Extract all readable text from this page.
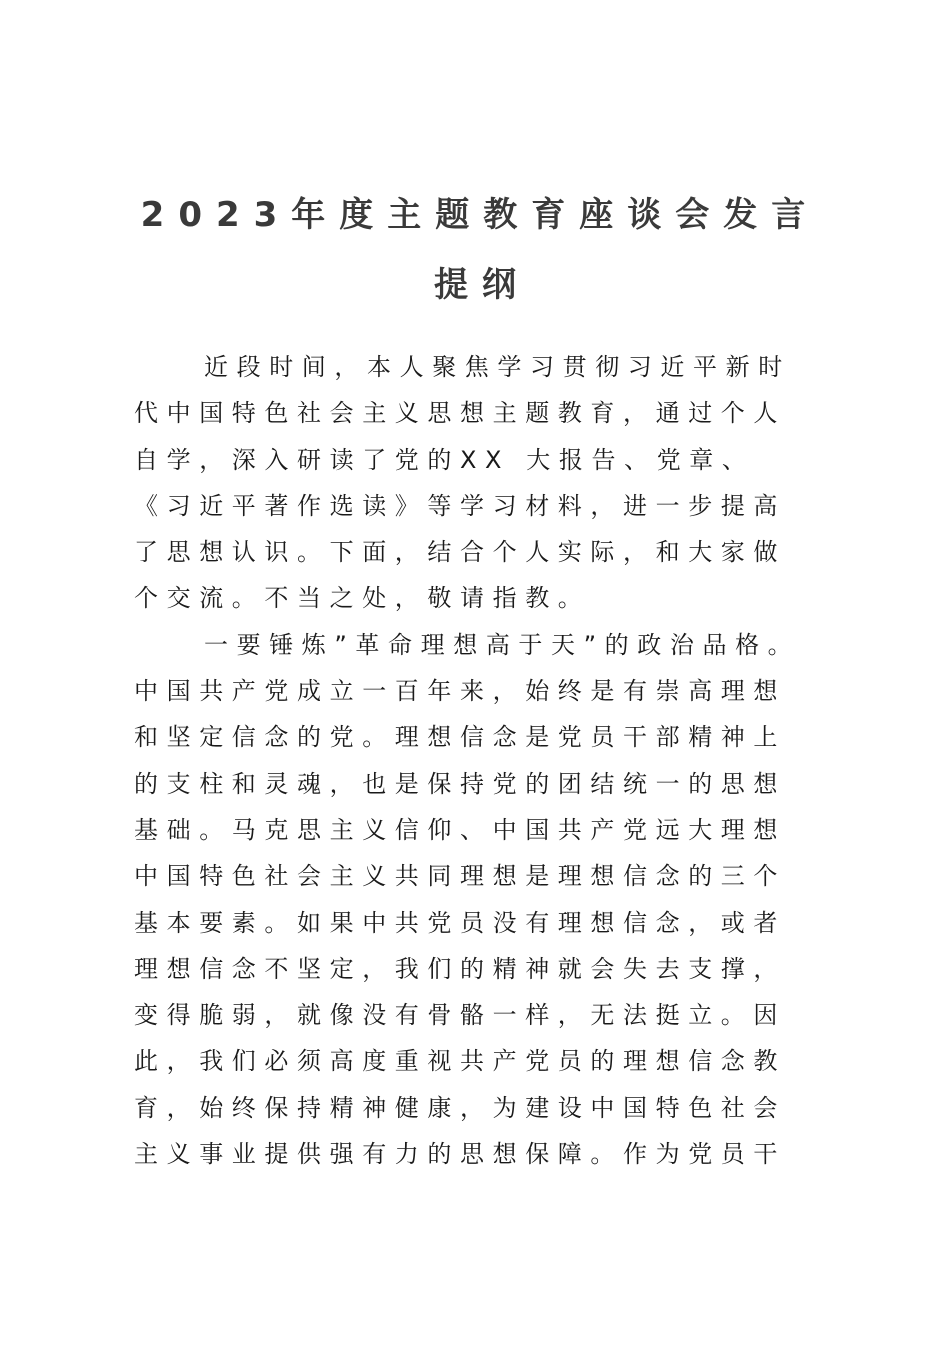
2023年度主题教育座谈会发言
提纲
近段时间，本人聚焦学习贯彻习近平新时
代中国特色社会主义思想主题教育，通过个人
自学，深入研读了党的XX 大报告、党章、
《习近平著作选读》等学习材料，进一步提高
了思想认识。下面，结合个人实际，和大家做
个交流。不当之处，敬请指教。
一要锤炼”革命理想高于天”的政治品格。
中国共产党成立一百年来，始终是有崇高理想
和坚定信念的党。理想信念是党员干部精神上
的支柱和灵魂，也是保持党的团结统一的思想
基础。马克思主义信仰、中国共产党远大理想
中国特色社会主义共同理想是理想信念的三个
基本要素。如果中共党员没有理想信念，或者
理想信念不坚定，我们的精神就会失去支撑，
变得脆弱，就像没有骨骼一样，无法挺立。因
此，我们必须高度重视共产党员的理想信念教
育，始终保持精神健康，为建设中国特色社会
主义事业提供强有力的思想保障。作为党员干
